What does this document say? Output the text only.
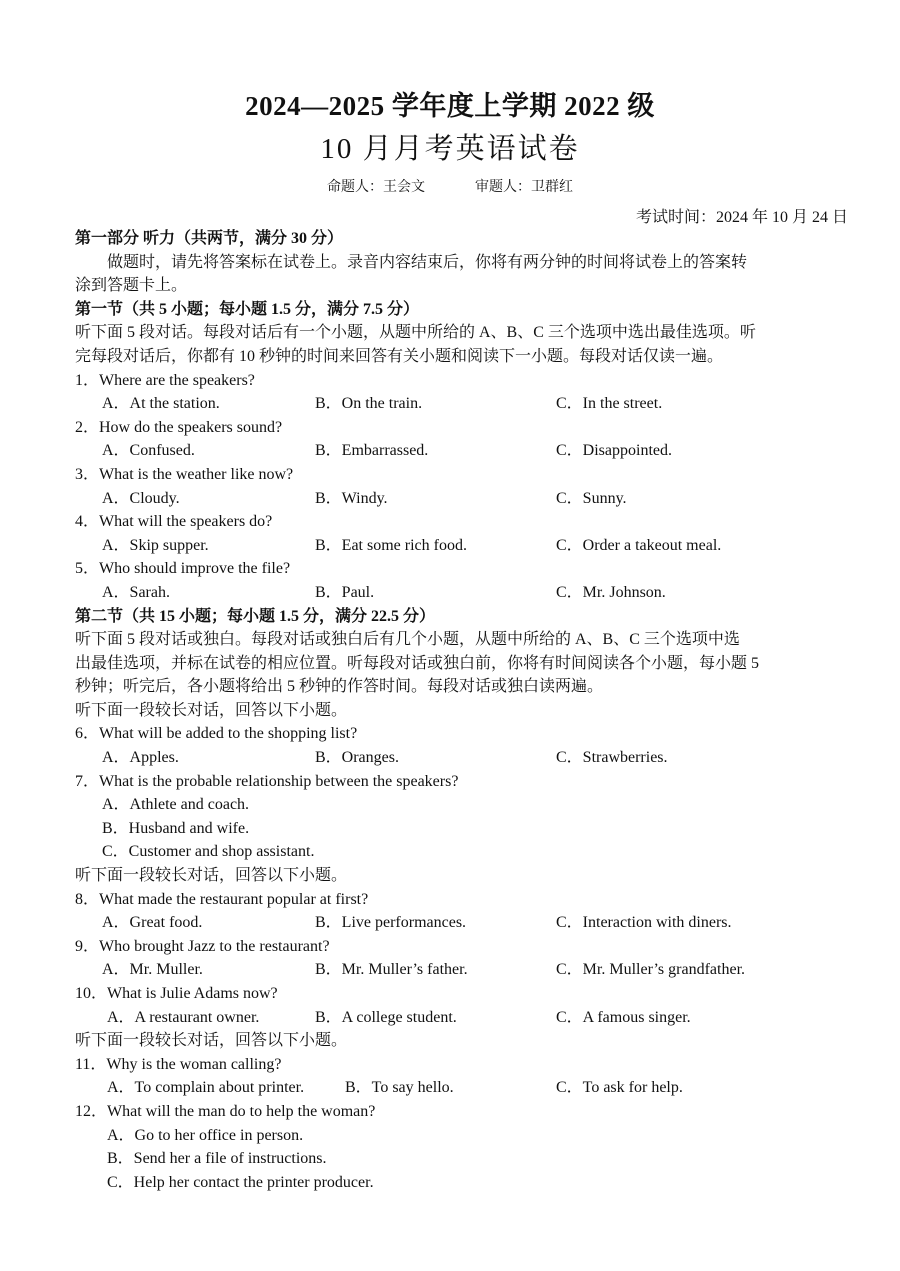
2024—2025 学年度上学期 2022 级
10 月月考英语试卷
命题人：王会文	审题人：卫群红
考试时间：2024 年 10 月 24 日
第一部分 听力（共两节，满分 30 分）
做题时，请先将答案标在试卷上。录音内容结束后，你将有两分钟的时间将试卷上的答案转
涂到答题卡上。
第一节（共 5 小题；每小题 1.5 分，满分 7.5 分）
听下面 5 段对话。每段对话后有一个小题，从题中所给的 A、B、C 三个选项中选出最佳选项。听
完每段对话后，你都有 10 秒钟的时间来回答有关小题和阅读下一小题。每段对话仅读一遍。
1．Where are the speakers?
A．At the station.	B．On the train.	C．In the street.
2．How do the speakers sound?
A．Confused.	B．Embarrassed.	C．Disappointed.
3．What is the weather like now?
A．Cloudy.	B．Windy.	C．Sunny.
4．What will the speakers do?
A．Skip supper.	B．Eat some rich food.	C．Order a takeout meal.
5．Who should improve the file?
A．Sarah.	B．Paul.	C．Mr. Johnson.
第二节（共 15 小题；每小题 1.5 分，满分 22.5 分）
听下面 5 段对话或独白。每段对话或独白后有几个小题，从题中所给的 A、B、C 三个选项中选
出最佳选项，并标在试卷的相应位置。听每段对话或独白前，你将有时间阅读各个小题，每小题 5
秒钟；听完后，各小题将给出 5 秒钟的作答时间。每段对话或独白读两遍。
听下面一段较长对话，回答以下小题。
6．What will be added to the shopping list?
A．Apples.	B．Oranges.	C．Strawberries.
7．What is the probable relationship between the speakers?
A．Athlete and coach.
B．Husband and wife.
C．Customer and shop assistant.
听下面一段较长对话，回答以下小题。
8．What made the restaurant popular at first?
A．Great food.	B．Live performances.	C．Interaction with diners.
9．Who brought Jazz to the restaurant?
A．Mr. Muller.	B．Mr. Muller’s father.	C．Mr. Muller’s grandfather.
10．What is Julie Adams now?
A．A restaurant owner.	B．A college student.	C．A famous singer.
听下面一段较长对话，回答以下小题。
11．Why is the woman calling?
A．To complain about printer.	B．To say hello.	C．To ask for help.
12．What will the man do to help the woman?
A．Go to her office in person.
B．Send her a file of instructions.
C．Help her contact the printer producer.
